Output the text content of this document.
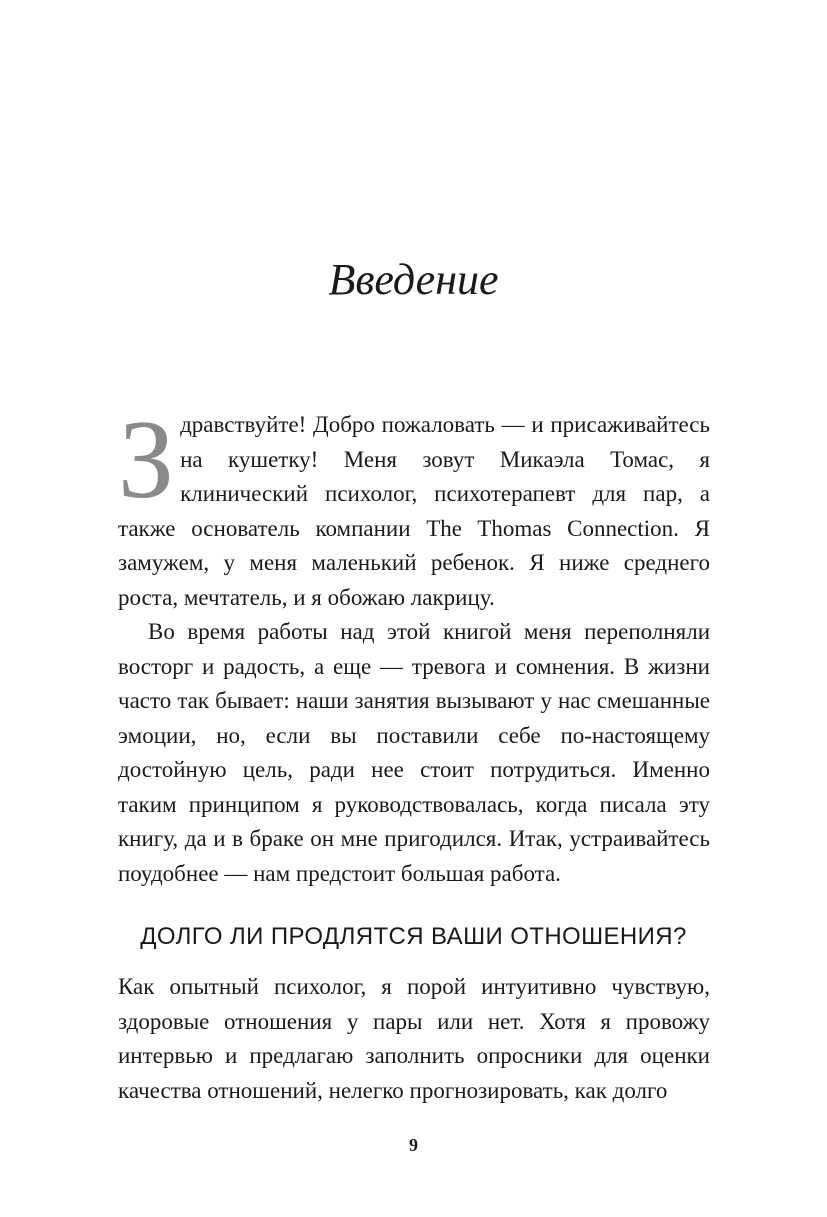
Введение
З дравствуйте! Добро пожаловать — и присаживайтесь на кушетку! Меня зовут Микаэла Томас, я клинический психолог, психотерапевт для пар, а также основатель компании The Thomas Connection. Я замужем, у меня маленький ребенок. Я ниже среднего роста, мечтатель, и я обожаю лакрицу.

Во время работы над этой книгой меня переполняли восторг и радость, а еще — тревога и сомнения. В жизни часто так бывает: наши занятия вызывают у нас смешанные эмоции, но, если вы поставили себе по-настоящему достойную цель, ради нее стоит потрудиться. Именно таким принципом я руководствовалась, когда писала эту книгу, да и в браке он мне пригодился. Итак, устраивайтесь поудобнее — нам предстоит большая работа.

ДОЛГО ЛИ ПРОДЛЯТСЯ ВАШИ ОТНОШЕНИЯ?

Как опытный психолог, я порой интуитивно чувствую, здоровые отношения у пары или нет. Хотя я провожу интервью и предлагаю заполнить опросники для оценки качества отношений, нелегко прогнозировать, как долго

9
